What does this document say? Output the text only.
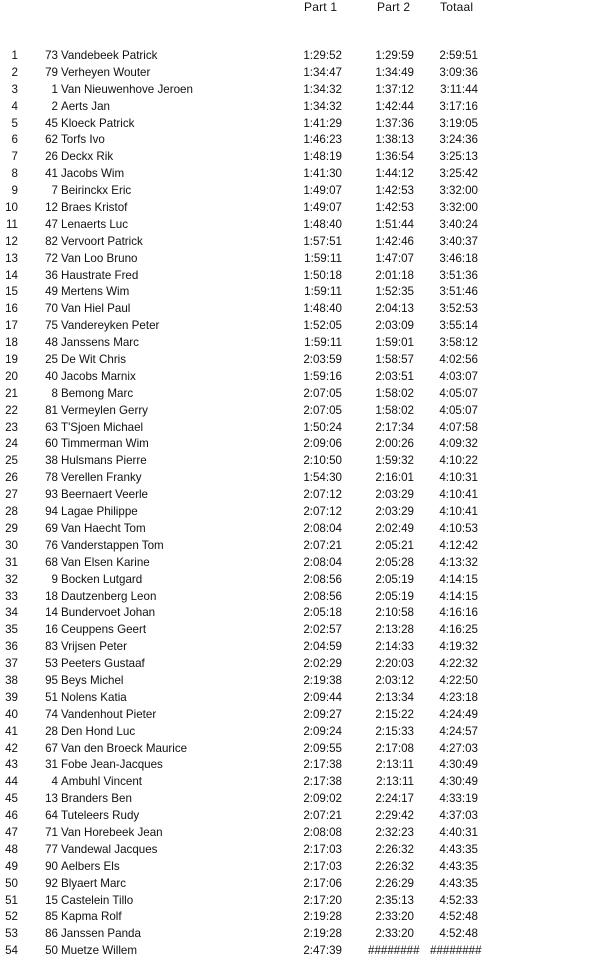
Part 1	Part 2 Totaal
1	73 Vandebeek Patrick	1:29:52	1:29:59	2:59:51
2	79 Verheyen Wouter	1:34:47	1:34:49	3:09:36
3	1 Van Nieuwenhove Jeroen	1:34:32	1:37:12	3:11:44
4	2 Aerts Jan	1:34:32	1:42:44	3:17:16
5	45 Kloeck Patrick	1:41:29	1:37:36	3:19:05
6	62 Torfs Ivo	1:46:23	1:38:13	3:24:36
7	26 Deckx Rik	1:48:19	1:36:54	3:25:13
8	41 Jacobs Wim	1:41:30	1:44:12	3:25:42
9	7 Beirinckx Eric	1:49:07	1:42:53	3:32:00
10	12 Braes Kristof	1:49:07	1:42:53	3:32:00
11	47 Lenaerts Luc	1:48:40	1:51:44	3:40:24
12	82 Vervoort Patrick	1:57:51	1:42:46	3:40:37
13	72 Van Loo Bruno	1:59:11	1:47:07	3:46:18
14	36 Haustrate Fred	1:50:18	2:01:18	3:51:36
15	49 Mertens Wim	1:59:11	1:52:35	3:51:46
16	70 Van Hiel Paul	1:48:40	2:04:13	3:52:53
17	75 Vandereyken Peter	1:52:05	2:03:09	3:55:14
18	48 Janssens Marc	1:59:11	1:59:01	3:58:12
19	25 De Wit Chris	2:03:59	1:58:57	4:02:56
20	40 Jacobs Marnix	1:59:16	2:03:51	4:03:07
21	8 Bemong Marc	2:07:05	1:58:02	4:05:07
22	81 Vermeylen Gerry	2:07:05	1:58:02	4:05:07
23	63 T'Sjoen Michael	1:50:24	2:17:34	4:07:58
24	60 Timmerman Wim	2:09:06	2:00:26	4:09:32
25	38 Hulsmans Pierre	2:10:50	1:59:32	4:10:22
26	78 Verellen Franky	1:54:30	2:16:01	4:10:31
27	93 Beernaert Veerle	2:07:12	2:03:29	4:10:41
28	94 Lagae Philippe	2:07:12	2:03:29	4:10:41
29	69 Van Haecht Tom	2:08:04	2:02:49	4:10:53
30	76 Vanderstappen Tom	2:07:21	2:05:21	4:12:42
31	68 Van Elsen Karine	2:08:04	2:05:28	4:13:32
32	9 Bocken Lutgard	2:08:56	2:05:19	4:14:15
33	18 Dautzenberg Leon	2:08:56	2:05:19	4:14:15
34	14 Bundervoet Johan	2:05:18	2:10:58	4:16:16
35	16 Ceuppens Geert	2:02:57	2:13:28	4:16:25
36	83 Vrijsen Peter	2:04:59	2:14:33	4:19:32
37	53 Peeters Gustaaf	2:02:29	2:20:03	4:22:32
38	95 Beys Michel	2:19:38	2:03:12	4:22:50
39	51 Nolens Katia	2:09:44	2:13:34	4:23:18
40	74 Vandenhout Pieter	2:09:27	2:15:22	4:24:49
41	28 Den Hond Luc	2:09:24	2:15:33	4:24:57
42	67 Van den Broeck Maurice	2:09:55	2:17:08	4:27:03
43	31 Fobe Jean-Jacques	2:17:38	2:13:11	4:30:49
44	4 Ambuhl Vincent	2:17:38	2:13:11	4:30:49
45	13 Branders Ben	2:09:02	2:24:17	4:33:19
46	64 Tuteleers Rudy	2:07:21	2:29:42	4:37:03
47	71 Van Horebeek Jean	2:08:08	2:32:23	4:40:31
48	77 Vandewal Jacques	2:17:03	2:26:32	4:43:35
49	90 Aelbers Els	2:17:03	2:26:32	4:43:35
50	92 Blyaert Marc	2:17:06	2:26:29	4:43:35
51	15 Castelein Tillo	2:17:20	2:35:13	4:52:33
52	85 Kapma Rolf	2:19:28	2:33:20	4:52:48
53	86 Janssen Panda	2:19:28	2:33:20	4:52:48
54	50 Muetze Willem	2:47:39 ######## ########
